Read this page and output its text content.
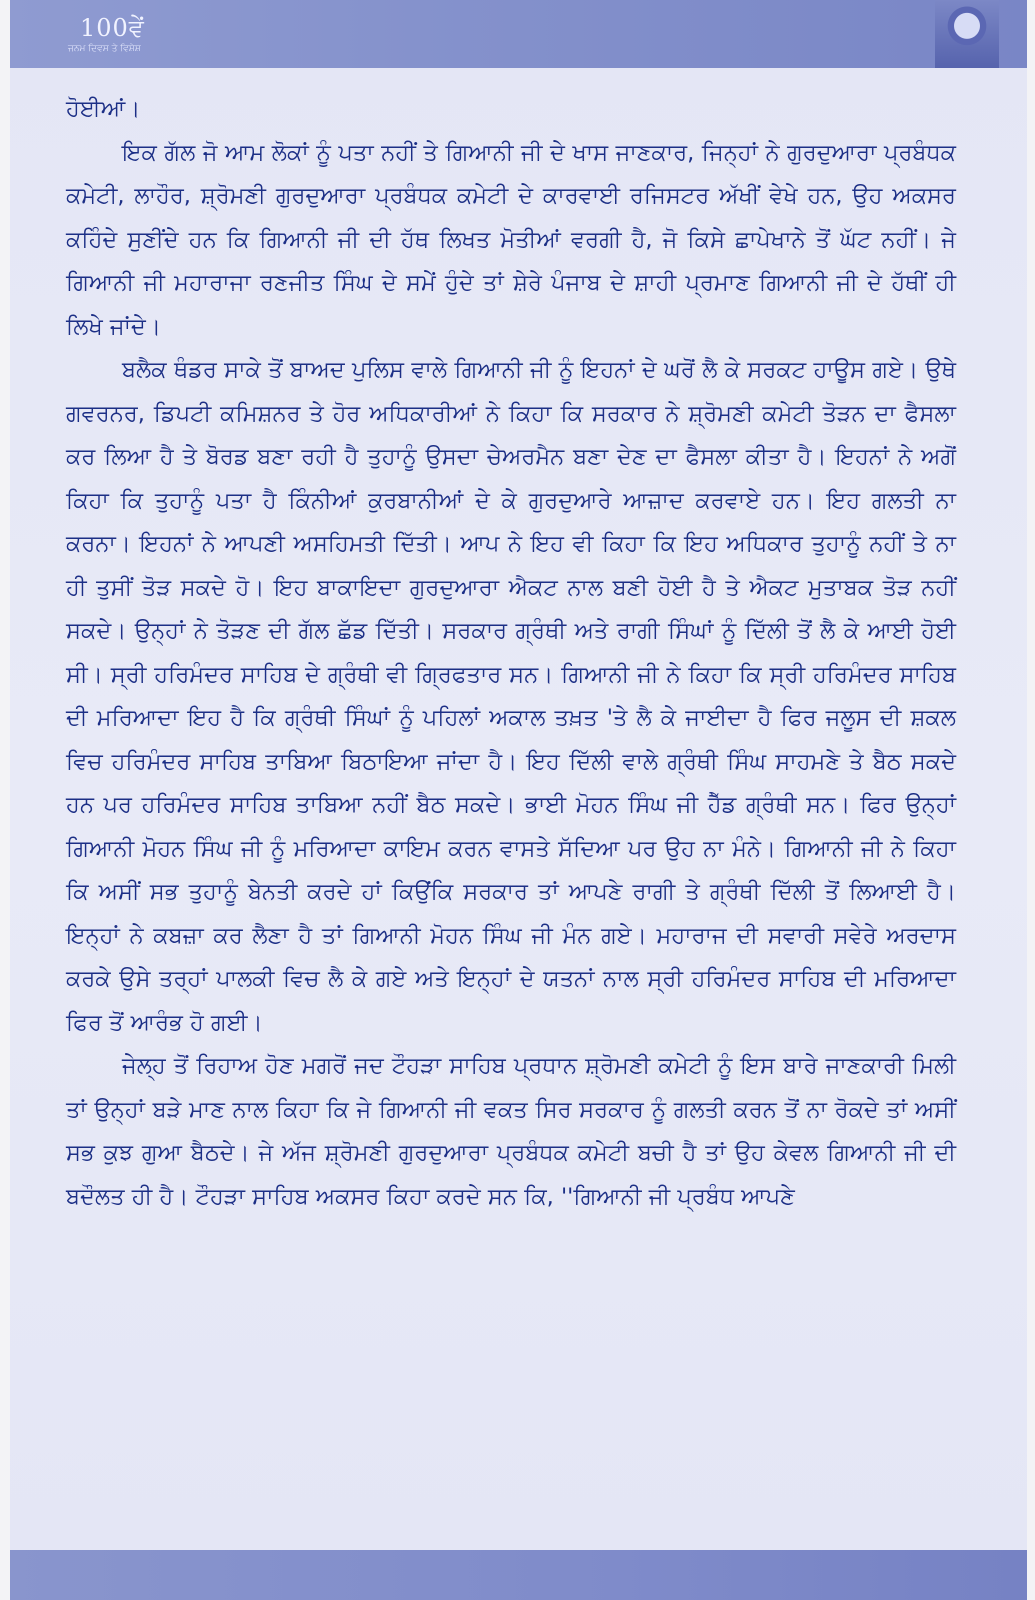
100ਵੇਂ
ਜਨਮ ਦਿਵਸ ਤੇ ਵਿਸ਼ੇਸ਼

ਹੋਈਆਂ।

ਇਕ ਗੱਲ ਜੋ ਆਮ ਲੋਕਾਂ ਨੂੰ ਪਤਾ ਨਹੀਂ ਤੇ ਗਿਆਨੀ ਜੀ ਦੇ ਖਾਸ ਜਾਣਕਾਰ, ਜਿਨ੍ਹਾਂ ਨੇ ਗੁਰਦੁਆਰਾ ਪ੍ਰਬੰਧਕ ਕਮੇਟੀ, ਲਾਹੌਰ, ਸ਼੍ਰੋਮਣੀ ਗੁਰਦੁਆਰਾ ਪ੍ਰਬੰਧਕ ਕਮੇਟੀ ਦੇ ਕਾਰਵਾਈ ਰਜਿਸਟਰ ਅੱਖੀਂ ਵੇਖੇ ਹਨ, ਉਹ ਅਕਸਰ ਕਹਿੰਦੇ ਸੁਣੀਂਦੇ ਹਨ ਕਿ ਗਿਆਨੀ ਜੀ ਦੀ ਹੱਥ ਲਿਖਤ ਮੋਤੀਆਂ ਵਰਗੀ ਹੈ, ਜੋ ਕਿਸੇ ਛਾਪੇਖਾਨੇ ਤੋਂ ਘੱਟ ਨਹੀਂ। ਜੇ ਗਿਆਨੀ ਜੀ ਮਹਾਰਾਜਾ ਰਣਜੀਤ ਸਿੰਘ ਦੇ ਸਮੇਂ ਹੁੰਦੇ ਤਾਂ ਸ਼ੇਰੇ ਪੰਜਾਬ ਦੇ ਸ਼ਾਹੀ ਪ੍ਰਮਾਣ ਗਿਆਨੀ ਜੀ ਦੇ ਹੱਥੀਂ ਹੀ ਲਿਖੇ ਜਾਂਦੇ।

ਬਲੈਕ ਥੰਡਰ ਸਾਕੇ ਤੋਂ ਬਾਅਦ ਪੁਲਿਸ ਵਾਲੇ ਗਿਆਨੀ ਜੀ ਨੂੰ ਇਹਨਾਂ ਦੇ ਘਰੋਂ ਲੈ ਕੇ ਸਰਕਟ ਹਾਊਸ ਗਏ। ਉਥੇ ਗਵਰਨਰ, ਡਿਪਟੀ ਕਮਿਸ਼ਨਰ ਤੇ ਹੋਰ ਅਧਿਕਾਰੀਆਂ ਨੇ ਕਿਹਾ ਕਿ ਸਰਕਾਰ ਨੇ ਸ਼੍ਰੋਮਣੀ ਕਮੇਟੀ ਤੋੜਨ ਦਾ ਫੈਸਲਾ ਕਰ ਲਿਆ ਹੈ ਤੇ ਬੋਰਡ ਬਣਾ ਰਹੀ ਹੈ ਤੁਹਾਨੂੰ ਉਸਦਾ ਚੇਅਰਮੈਨ ਬਣਾ ਦੇਣ ਦਾ ਫੈਸਲਾ ਕੀਤਾ ਹੈ। ਇਹਨਾਂ ਨੇ ਅਗੋਂ ਕਿਹਾ ਕਿ ਤੁਹਾਨੂੰ ਪਤਾ ਹੈ ਕਿੰਨੀਆਂ ਕੁਰਬਾਨੀਆਂ ਦੇ ਕੇ ਗੁਰਦੁਆਰੇ ਆਜ਼ਾਦ ਕਰਵਾਏ ਹਨ। ਇਹ ਗਲਤੀ ਨਾ ਕਰਨਾ। ਇਹਨਾਂ ਨੇ ਆਪਣੀ ਅਸਹਿਮਤੀ ਦਿੱਤੀ। ਆਪ ਨੇ ਇਹ ਵੀ ਕਿਹਾ ਕਿ ਇਹ ਅਧਿਕਾਰ ਤੁਹਾਨੂੰ ਨਹੀਂ ਤੇ ਨਾ ਹੀ ਤੁਸੀਂ ਤੋੜ ਸਕਦੇ ਹੋ। ਇਹ ਬਾਕਾਇਦਾ ਗੁਰਦੁਆਰਾ ਐਕਟ ਨਾਲ ਬਣੀ ਹੋਈ ਹੈ ਤੇ ਐਕਟ ਮੁਤਾਬਕ ਤੋੜ ਨਹੀਂ ਸਕਦੇ। ਉਨ੍ਹਾਂ ਨੇ ਤੋੜਣ ਦੀ ਗੱਲ ਛੱਡ ਦਿੱਤੀ। ਸਰਕਾਰ ਗ੍ਰੰਥੀ ਅਤੇ ਰਾਗੀ ਸਿੰਘਾਂ ਨੂੰ ਦਿੱਲੀ ਤੋਂ ਲੈ ਕੇ ਆਈ ਹੋਈ ਸੀ। ਸ੍ਰੀ ਹਰਿਮੰਦਰ ਸਾਹਿਬ ਦੇ ਗ੍ਰੰਥੀ ਵੀ ਗ੍ਰਿਫਤਾਰ ਸਨ। ਗਿਆਨੀ ਜੀ ਨੇ ਕਿਹਾ ਕਿ ਸ੍ਰੀ ਹਰਿਮੰਦਰ ਸਾਹਿਬ ਦੀ ਮਰਿਆਦਾ ਇਹ ਹੈ ਕਿ ਗ੍ਰੰਥੀ ਸਿੰਘਾਂ ਨੂੰ ਪਹਿਲਾਂ ਅਕਾਲ ਤਖ਼ਤ 'ਤੇ ਲੈ ਕੇ ਜਾਈਦਾ ਹੈ ਫਿਰ ਜਲੂਸ ਦੀ ਸ਼ਕਲ ਵਿਚ ਹਰਿਮੰਦਰ ਸਾਹਿਬ ਤਾਬਿਆ ਬਿਠਾਇਆ ਜਾਂਦਾ ਹੈ। ਇਹ ਦਿੱਲੀ ਵਾਲੇ ਗ੍ਰੰਥੀ ਸਿੰਘ ਸਾਹਮਣੇ ਤੇ ਬੈਠ ਸਕਦੇ ਹਨ ਪਰ ਹਰਿਮੰਦਰ ਸਾਹਿਬ ਤਾਬਿਆ ਨਹੀਂ ਬੈਠ ਸਕਦੇ। ਭਾਈ ਮੋਹਨ ਸਿੰਘ ਜੀ ਹੈੱਡ ਗ੍ਰੰਥੀ ਸਨ। ਫਿਰ ਉਨ੍ਹਾਂ ਗਿਆਨੀ ਮੋਹਨ ਸਿੰਘ ਜੀ ਨੂੰ ਮਰਿਆਦਾ ਕਾਇਮ ਕਰਨ ਵਾਸਤੇ ਸੱਦਿਆ ਪਰ ਉਹ ਨਾ ਮੰਨੇ। ਗਿਆਨੀ ਜੀ ਨੇ ਕਿਹਾ ਕਿ ਅਸੀਂ ਸਭ ਤੁਹਾਨੂੰ ਬੇਨਤੀ ਕਰਦੇ ਹਾਂ ਕਿਉਂਕਿ ਸਰਕਾਰ ਤਾਂ ਆਪਣੇ ਰਾਗੀ ਤੇ ਗ੍ਰੰਥੀ ਦਿੱਲੀ ਤੋਂ ਲਿਆਈ ਹੈ। ਇਨ੍ਹਾਂ ਨੇ ਕਬਜ਼ਾ ਕਰ ਲੈਣਾ ਹੈ ਤਾਂ ਗਿਆਨੀ ਮੋਹਨ ਸਿੰਘ ਜੀ ਮੰਨ ਗਏ। ਮਹਾਰਾਜ ਦੀ ਸਵਾਰੀ ਸਵੇਰੇ ਅਰਦਾਸ ਕਰਕੇ ਉਸੇ ਤਰ੍ਹਾਂ ਪਾਲਕੀ ਵਿਚ ਲੈ ਕੇ ਗਏ ਅਤੇ ਇਨ੍ਹਾਂ ਦੇ ਯਤਨਾਂ ਨਾਲ ਸ੍ਰੀ ਹਰਿਮੰਦਰ ਸਾਹਿਬ ਦੀ ਮਰਿਆਦਾ ਫਿਰ ਤੋਂ ਆਰੰਭ ਹੋ ਗਈ।

ਜੇਲ੍ਹ ਤੋਂ ਰਿਹਾਅ ਹੋਣ ਮਗਰੋਂ ਜਦ ਟੌਹੜਾ ਸਾਹਿਬ ਪ੍ਰਧਾਨ ਸ਼੍ਰੋਮਣੀ ਕਮੇਟੀ ਨੂੰ ਇਸ ਬਾਰੇ ਜਾਣਕਾਰੀ ਮਿਲੀ ਤਾਂ ਉਨ੍ਹਾਂ ਬੜੇ ਮਾਣ ਨਾਲ ਕਿਹਾ ਕਿ ਜੇ ਗਿਆਨੀ ਜੀ ਵਕਤ ਸਿਰ ਸਰਕਾਰ ਨੂੰ ਗਲਤੀ ਕਰਨ ਤੋਂ ਨਾ ਰੋਕਦੇ ਤਾਂ ਅਸੀਂ ਸਭ ਕੁਝ ਗੁਆ ਬੈਠਦੇ। ਜੇ ਅੱਜ ਸ਼੍ਰੋਮਣੀ ਗੁਰਦੁਆਰਾ ਪ੍ਰਬੰਧਕ ਕਮੇਟੀ ਬਚੀ ਹੈ ਤਾਂ ਉਹ ਕੇਵਲ ਗਿਆਨੀ ਜੀ ਦੀ ਬਦੌਲਤ ਹੀ ਹੈ। ਟੌਹੜਾ ਸਾਹਿਬ ਅਕਸਰ ਕਿਹਾ ਕਰਦੇ ਸਨ ਕਿ, ''ਗਿਆਨੀ ਜੀ ਪ੍ਰਬੰਧ ਆਪਣੇ
